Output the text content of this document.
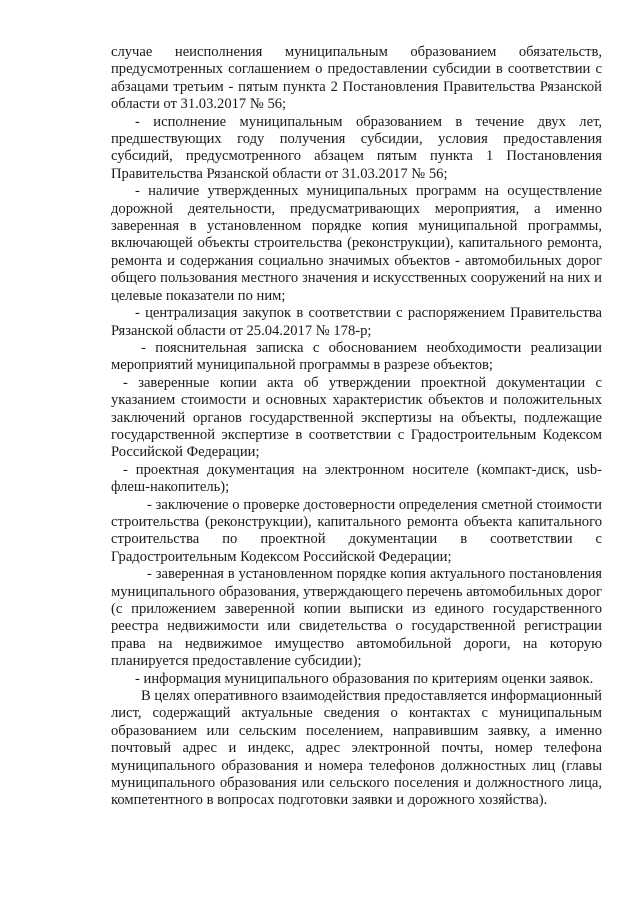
случае неисполнения муниципальным образованием обязательств, предусмотренных соглашением о предоставлении субсидии в соответствии с абзацами третьим - пятым пункта 2 Постановления Правительства Рязанской области от 31.03.2017 № 56;

- исполнение муниципальным образованием в течение двух лет, предшествующих году получения субсидии, условия предоставления субсидий, предусмотренного абзацем пятым пункта 1 Постановления Правительства Рязанской области от 31.03.2017 № 56;

- наличие утвержденных муниципальных программ на осуществление дорожной деятельности, предусматривающих мероприятия, а именно заверенная в установленном порядке копия муниципальной программы, включающей объекты строительства (реконструкции), капитального ремонта, ремонта и содержания социально значимых объектов - автомобильных дорог общего пользования местного значения и искусственных сооружений на них и целевые показатели по ним;

- централизация закупок в соответствии с распоряжением Правительства Рязанской области от 25.04.2017 № 178-р;

- пояснительная записка с обоснованием необходимости реализации мероприятий муниципальной программы в разрезе объектов;

- заверенные копии акта об утверждении проектной документации с указанием стоимости и основных характеристик объектов и положительных заключений органов государственной экспертизы на объекты, подлежащие государственной экспертизе в соответствии с Градостроительным Кодексом Российской Федерации;

- проектная документация на электронном носителе (компакт-диск, usb-флеш-накопитель);

- заключение о проверке достоверности определения сметной стоимости строительства (реконструкции), капитального ремонта объекта капитального строительства по проектной документации в соответствии с Градостроительным Кодексом Российской Федерации;

- заверенная в установленном порядке копия актуального постановления муниципального образования, утверждающего перечень автомобильных дорог (с приложением заверенной копии выписки из единого государственного реестра недвижимости или свидетельства о государственной регистрации права на недвижимое имущество автомобильной дороги, на которую планируется предоставление субсидии);

- информация муниципального образования по критериям оценки заявок.

В целях оперативного взаимодействия предоставляется информационный лист, содержащий актуальные сведения о контактах с муниципальным образованием или сельским поселением, направившим заявку, а именно почтовый адрес и индекс, адрес электронной почты, номер телефона муниципального образования и номера телефонов должностных лиц (главы муниципального образования или сельского поселения и должностного лица, компетентного в вопросах подготовки заявки и дорожного хозяйства).
